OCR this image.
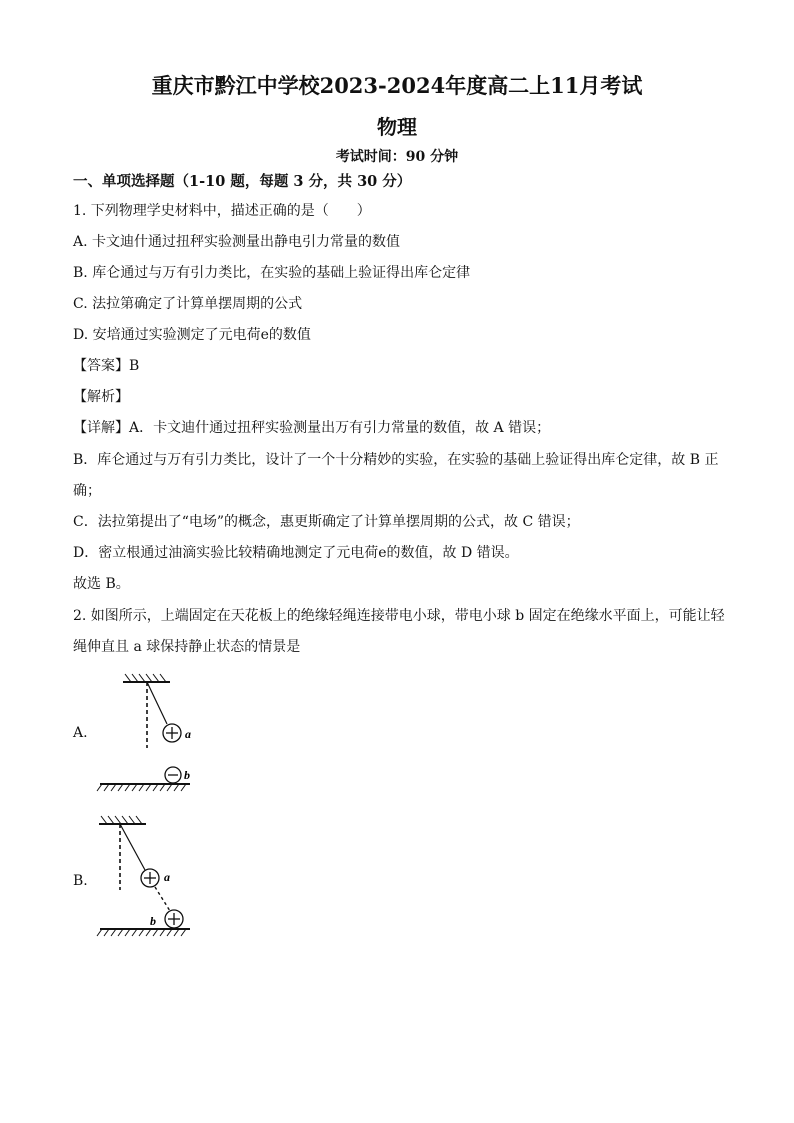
重庆市黔江中学校2023-2024年度高二上11月考试
物理
考试时间：90 分钟
一、单项选择题（1-10 题，每题 3 分，共 30 分）
1. 下列物理学史材料中，描述正确的是（　　）
A. 卡文迪什通过扭秤实验测量出静电引力常量的数值
B. 库仑通过与万有引力类比，在实验的基础上验证得出库仑定律
C. 法拉第确定了计算单摆周期的公式
D. 安培通过实验测定了元电荷e的数值
【答案】B
【解析】
【详解】A．卡文迪什通过扭秤实验测量出万有引力常量的数值，故 A 错误；
B．库仑通过与万有引力类比，设计了一个十分精妙的实验，在实验的基础上验证得出库仑定律，故 B 正
确；
C．法拉第提出了“电场”的概念，惠更斯确定了计算单摆周期的公式，故 C 错误；
D．密立根通过油滴实验比较精确地测定了元电荷e的数值，故 D 错误。
故选 B。
2. 如图所示，上端固定在天花板上的绝缘轻绳连接带电小球，带电小球 b 固定在绝缘水平面上，可能让轻
绳伸直且 a 球保持静止状态的情景是
A.	a
b
B.	a
b
